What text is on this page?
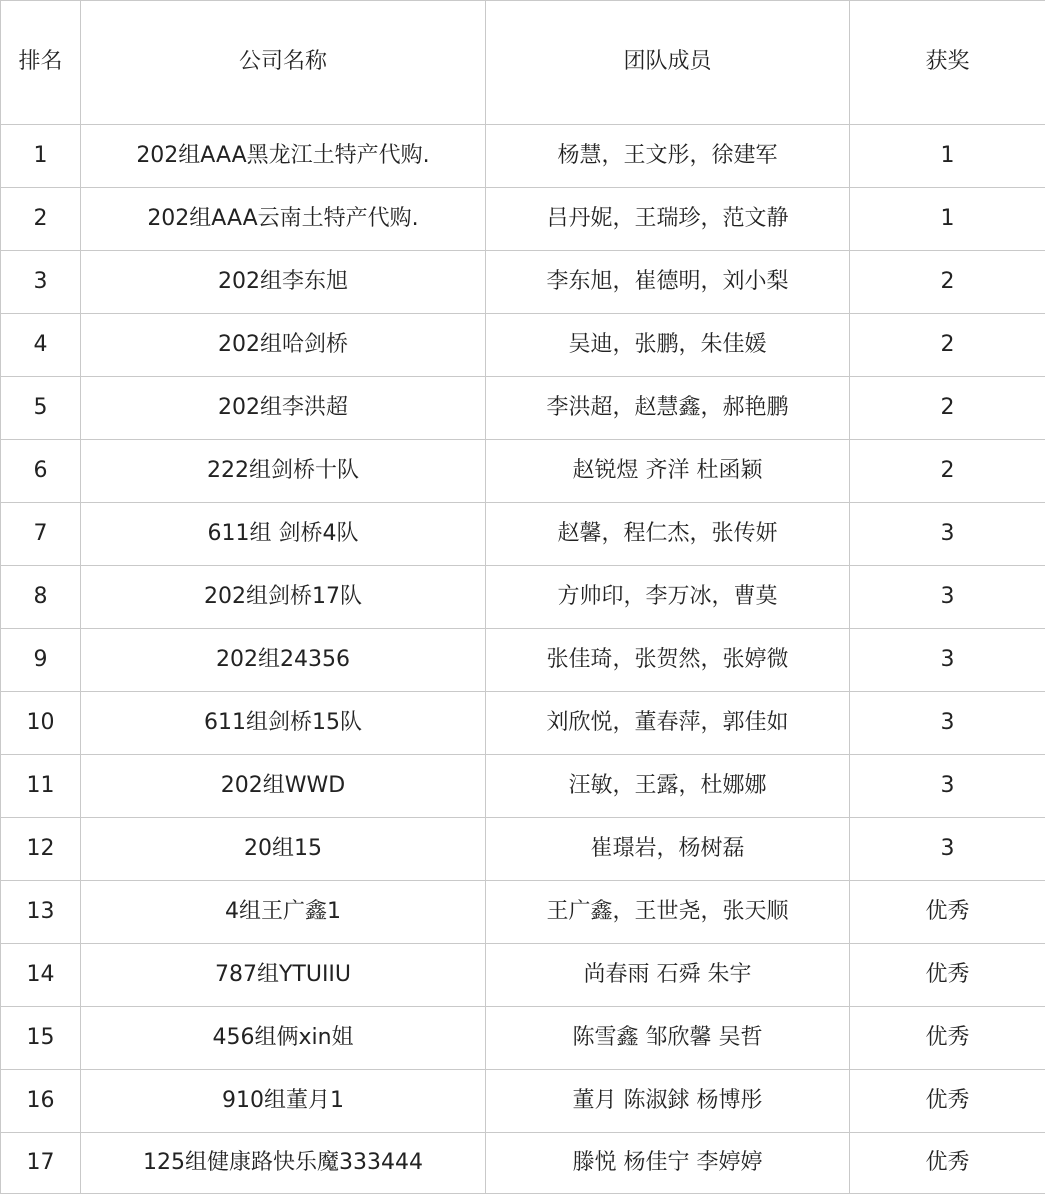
排名	公司名称	团队成员	获奖
1	202组AAA黑龙江土特产代购.	杨慧，王文彤，徐建军	1
2	202组AAA云南土特产代购.	吕丹妮，王瑞珍，范文静	1
3	202组李东旭	李东旭，崔德明，刘小梨	2
4	202组哈剑桥	吴迪，张鹏，朱佳媛	2
5	202组李洪超	李洪超，赵慧鑫，郝艳鹏	2
6	222组剑桥十队	赵锐煜 齐洋 杜函颖	2
7	611组 剑桥4队	赵馨，程仁杰，张传妍	3
8	202组剑桥17队	方帅印，李万冰，曹莫	3
9	202组24356	张佳琦，张贺然，张婷微	3
10	611组剑桥15队	刘欣悦，董春萍，郭佳如	3
11	202组WWD	汪敏，王露，杜娜娜	3
12	20组15	崔璟岩，杨树磊	3
13	4组王广鑫1	王广鑫，王世尧，张天顺	优秀
14	787组YTUIIU	尚春雨 石舜 朱宇	优秀
15	456组俩xin姐	陈雪鑫 邹欣馨 吴哲	优秀
16	910组董月1	董月 陈淑銶 杨博彤	优秀
17	125组健康路快乐魔333444	滕悦 杨佳宁 李婷婷	优秀
